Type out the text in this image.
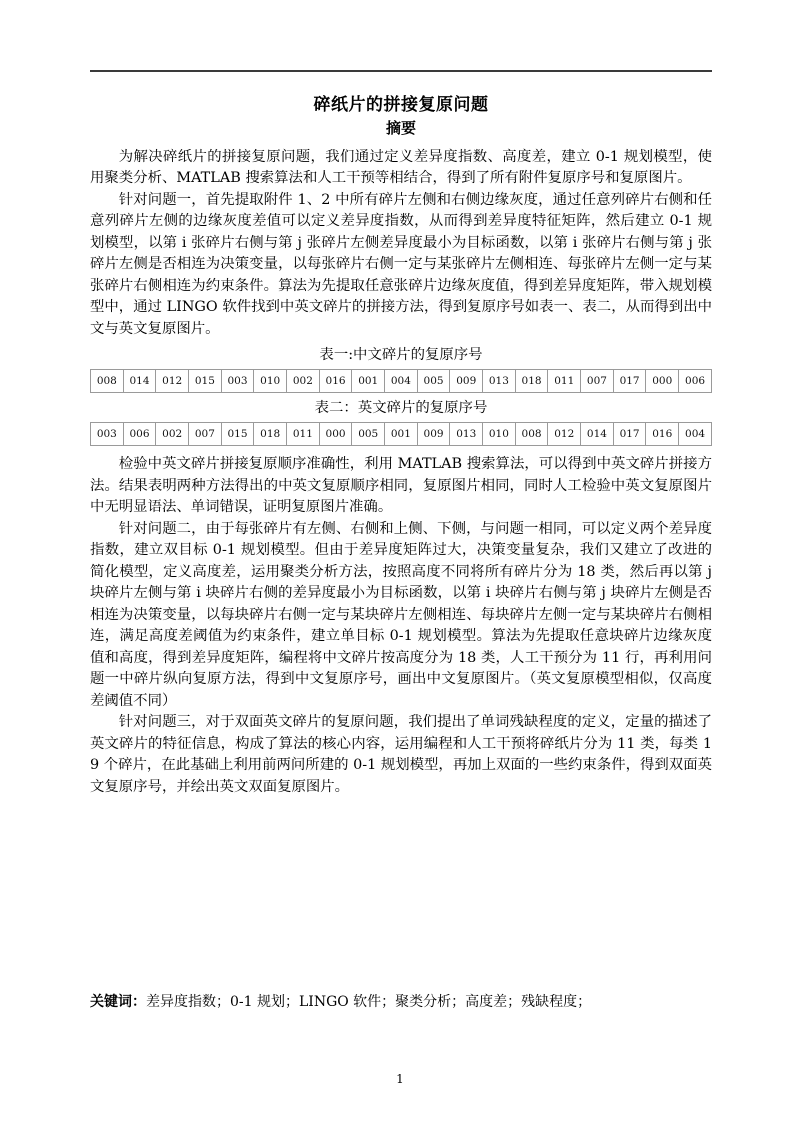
碎纸片的拼接复原问题
摘要

为解决碎纸片的拼接复原问题，我们通过定义差异度指数、高度差，建立 0-1 规划模型，使用聚类分析、MATLAB 搜索算法和人工干预等相结合，得到了所有附件复原序号和复原图片。

针对问题一，首先提取附件 1、2 中所有碎片左侧和右侧边缘灰度，通过任意列碎片右侧和任意列碎片左侧的边缘灰度差值可以定义差异度指数，从而得到差异度特征矩阵，然后建立 0-1 规划模型，以第 i 张碎片右侧与第 j 张碎片左侧差异度最小为目标函数，以第 i 张碎片右侧与第 j 张碎片左侧是否相连为决策变量，以每张碎片右侧一定与某张碎片左侧相连、每张碎片左侧一定与某张碎片右侧相连为约束条件。算法为先提取任意张碎片边缘灰度值，得到差异度矩阵，带入规划模型中，通过 LINGO 软件找到中英文碎片的拼接方法，得到复原序号如表一、表二，从而得到出中文与英文复原图片。

表一:中文碎片的复原序号
008	014	012	015	003	010	002	016	001	004	005	009	013	018	011	007	017	000	006
表二：英文碎片的复原序号
003	006	002	007	015	018	011	000	005	001	009	013	010	008	012	014	017	016	004

检验中英文碎片拼接复原顺序准确性，利用 MATLAB 搜索算法，可以得到中英文碎片拼接方法。结果表明两种方法得出的中英文复原顺序相同，复原图片相同，同时人工检验中英文复原图片中无明显语法、单词错误，证明复原图片准确。

针对问题二，由于每张碎片有左侧、右侧和上侧、下侧，与问题一相同，可以定义两个差异度指数，建立双目标 0-1 规划模型。但由于差异度矩阵过大，决策变量复杂，我们又建立了改进的简化模型，定义高度差，运用聚类分析方法，按照高度不同将所有碎片分为 18 类，然后再以第 j 块碎片左侧与第 i 块碎片右侧的差异度最小为目标函数，以第 i 块碎片右侧与第 j 块碎片左侧是否相连为决策变量，以每块碎片右侧一定与某块碎片左侧相连、每块碎片左侧一定与某块碎片右侧相连，满足高度差阈值为约束条件，建立单目标 0-1 规划模型。算法为先提取任意块碎片边缘灰度值和高度，得到差异度矩阵，编程将中文碎片按高度分为 18 类，人工干预分为 11 行，再利用问题一中碎片纵向复原方法，得到中文复原序号，画出中文复原图片。（英文复原模型相似，仅高度差阈值不同）

针对问题三，对于双面英文碎片的复原问题，我们提出了单词残缺程度的定义，定量的描述了英文碎片的特征信息，构成了算法的核心内容，运用编程和人工干预将碎纸片分为 11 类，每类 19 个碎片，在此基础上利用前两问所建的 0-1 规划模型，再加上双面的一些约束条件，得到双面英文复原序号，并绘出英文双面复原图片。

关键词：差异度指数；0-1 规划；LINGO 软件；聚类分析；高度差；残缺程度；
1
